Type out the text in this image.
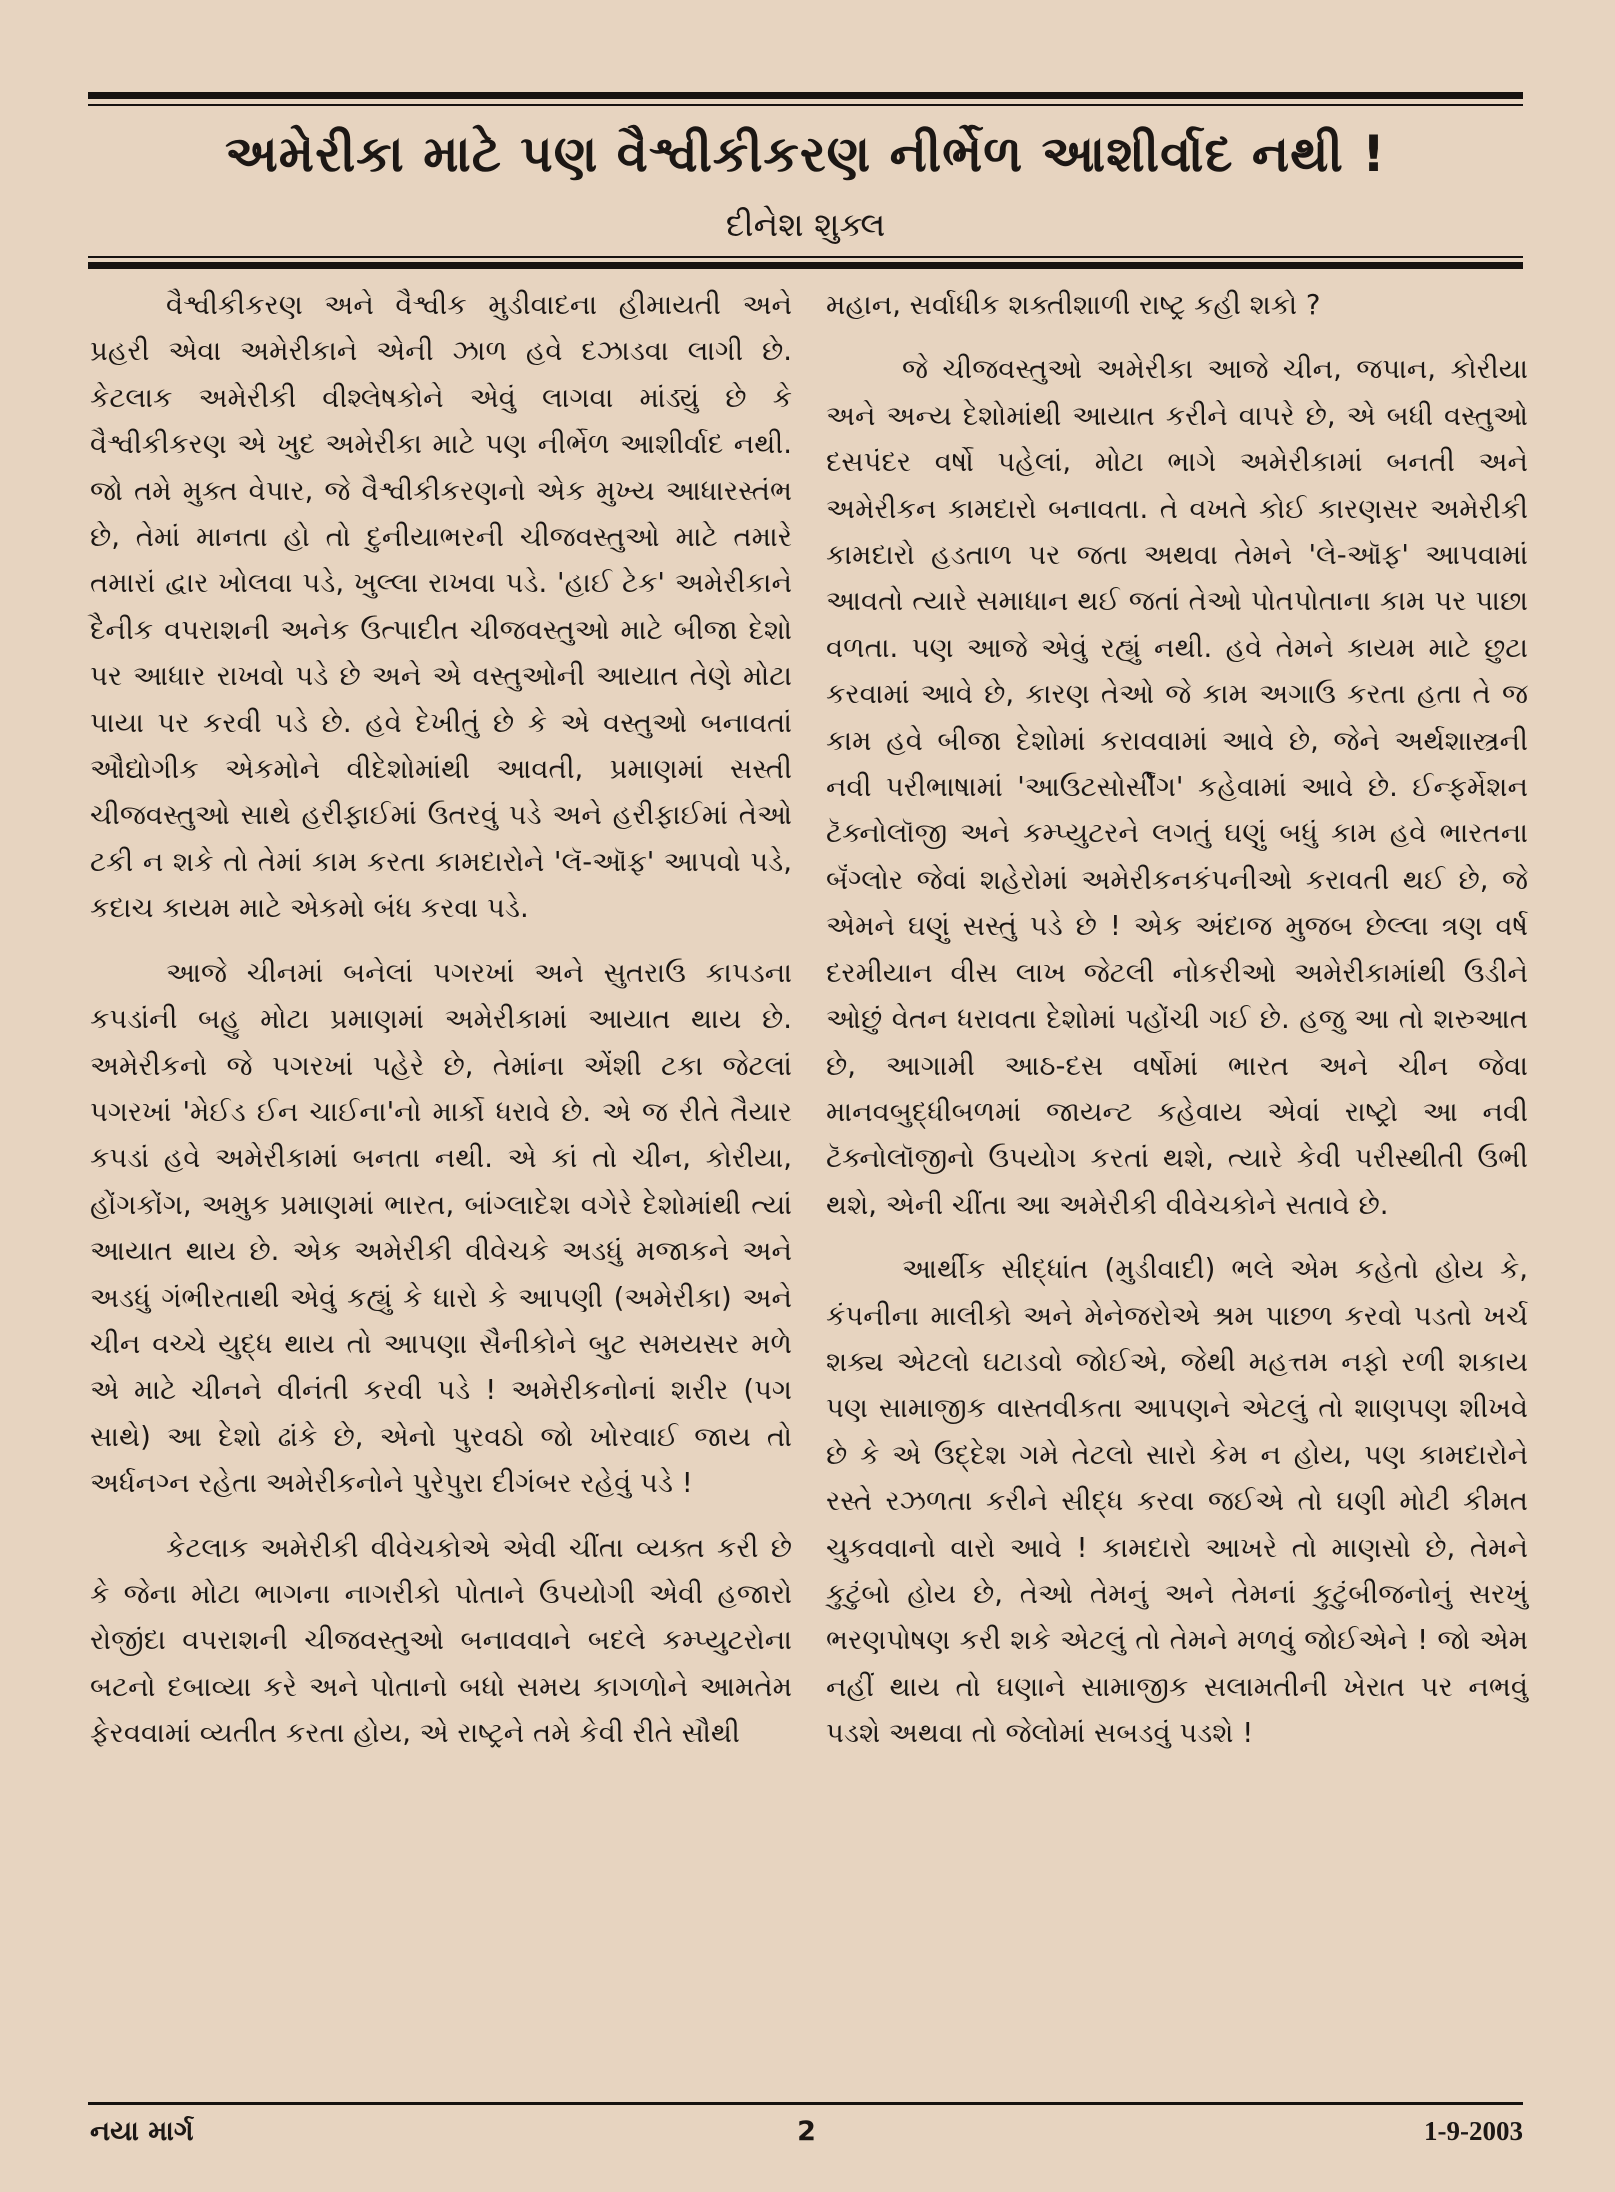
અમેરીકા માટે પણ વૈશ્વીકીકરણ નીર્ભેળ આશીર્વાદ નથી !
દીનેશ શુક્લ

વૈશ્વીકીકરણ અને વૈશ્વીક મુડીવાદના હીમાયતી અને પ્રહરી એવા અમેરીકાને એની ઝાળ હવે દઝાડવા લાગી છે. કેટલાક અમેરીકી વીશ્લેષકોને એવું લાગવા માંડ્યું છે કે વૈશ્વીકીકરણ એ ખુદ અમેરીકા માટે પણ નીર્ભેળ આશીર્વાદ નથી. જો તમે મુક્ત વેપાર, જે વૈશ્વીકીકરણનો એક મુખ્ય આધારસ્તંભ છે, તેમાં માનતા હો તો દુનીયાભરની ચીજવસ્તુઓ માટે તમારે તમારાં દ્વાર ખોલવા પડે, ખુલ્લા રાખવા પડે. 'હાઈ ટેક' અમેરીકાને દૈનીક વપરાશની અનેક ઉત્પાદીત ચીજવસ્તુઓ માટે બીજા દેશો પર આધાર રાખવો પડે છે અને એ વસ્તુઓની આયાત તેણે મોટા પાયા પર કરવી પડે છે. હવે દેખીતું છે કે એ વસ્તુઓ બનાવતાં ઔદ્યોગીક એકમોને વીદેશોમાંથી આવતી, પ્રમાણમાં સસ્તી ચીજવસ્તુઓ સાથે હરીફાઈમાં ઉતરવું પડે અને હરીફાઈમાં તેઓ ટકી ન શકે તો તેમાં કામ કરતા કામદારોને 'લૅ-ઑફ' આપવો પડે, કદાચ કાયમ માટે એકમો બંધ કરવા પડે.

આજે ચીનમાં બનેલાં પગરખાં અને સુતરાઉ કાપડના કપડાંની બહુ મોટા પ્રમાણમાં અમેરીકામાં આયાત થાય છે. અમેરીકનો જે પગરખાં પહેરે છે, તેમાંના એંશી ટકા જેટલાં પગરખાં 'મેઈડ ઈન ચાઈના'નો માર્કો ધરાવે છે. એ જ રીતે તૈયાર કપડાં હવે અમેરીકામાં બનતા નથી. એ કાં તો ચીન, કોરીયા, હોંગકોંગ, અમુક પ્રમાણમાં ભારત, બાંગ્લાદેશ વગેરે દેશોમાંથી ત્યાં આયાત થાય છે. એક અમેરીકી વીવેચકે અડધું મજાકને અને અડધું ગંભીરતાથી એવું કહ્યું કે ધારો કે આપણી (અમેરીકા) અને ચીન વચ્ચે યુદ્ધ થાય તો આપણા સૈનીકોને બુટ સમયસર મળે એ માટે ચીનને વીનંતી કરવી પડે ! અમેરીકનોનાં શરીર (પગ સાથે) આ દેશો ઢાંકે છે, એનો પુરવઠો જો ખોરવાઈ જાય તો અર્ધનગ્ન રહેતા અમેરીકનોને પુરેપુરા દીગંબર રહેવું પડે !

કેટલાક અમેરીકી વીવેચકોએ એવી ચીંતા વ્યક્ત કરી છે કે જેના મોટા ભાગના નાગરીકો પોતાને ઉપયોગી એવી હજારો રોજીંદા વપરાશની ચીજવસ્તુઓ બનાવવાને બદલે કમ્પ્યુટરોના બટનો દબાવ્યા કરે અને પોતાનો બધો સમય કાગળોને આમતેમ ફેરવવામાં વ્યતીત કરતા હોય, એ રાષ્ટ્રને તમે કેવી રીતે સૌથી

મહાન, સર્વાધીક શક્તીશાળી રાષ્ટ્ર કહી શકો ?

જે ચીજવસ્તુઓ અમેરીકા આજે ચીન, જપાન, કોરીયા અને અન્ય દેશોમાંથી આયાત કરીને વાપરે છે, એ બધી વસ્તુઓ દસપંદર વર્ષો પહેલાં, મોટા ભાગે અમેરીકામાં બનતી અને અમેરીકન કામદારો બનાવતા. તે વખતે કોઈ કારણસર અમેરીકી કામદારો હડતાળ પર જતા અથવા તેમને 'લે-ઑફ' આપવામાં આવતો ત્યારે સમાધાન થઈ જતાં તેઓ પોતપોતાના કામ પર પાછા વળતા. પણ આજે એવું રહ્યું નથી. હવે તેમને કાયમ માટે છુટા કરવામાં આવે છે, કારણ તેઓ જે કામ અગાઉ કરતા હતા તે જ કામ હવે બીજા દેશોમાં કરાવવામાં આવે છે, જેને અર્થશાસ્ત્રની નવી પરીભાષામાં 'આઉટસોર્સીંગ' કહેવામાં આવે છે. ઈન્ફર્મેશન ટૅક્નોલૉજી અને કમ્પ્યુટરને લગતું ઘણું બધું કામ હવે ભારતના બૅંગ્લોર જેવાં શહેરોમાં અમેરીકનકંપનીઓ કરાવતી થઈ છે, જે એમને ઘણું સસ્તું પડે છે ! એક અંદાજ મુજબ છેલ્લા ત્રણ વર્ષ દરમીયાન વીસ લાખ જેટલી નોકરીઓ અમેરીકામાંથી ઉડીને ઓછું વેતન ધરાવતા દેશોમાં પહોંચી ગઈ છે. હજુ આ તો શરુઆત છે, આગામી આઠ-દસ વર્ષોમાં ભારત અને ચીન જેવા માનવબુદ્ધીબળમાં જાયન્ટ કહેવાય એવાં રાષ્ટ્રો આ નવી ટૅક્નોલૉજીનો ઉપયોગ કરતાં થશે, ત્યારે કેવી પરીસ્થીતી ઉભી થશે, એની ચીંતા આ અમેરીકી વીવેચકોને સતાવે છે.

આર્થીક સીદ્ધાંત (મુડીવાદી) ભલે એમ કહેતો હોય કે, કંપનીના માલીકો અને મેનેજરોએ શ્રમ પાછળ કરવો પડતો ખર્ચ શક્ય એટલો ઘટાડવો જોઈએ, જેથી મહત્તમ નફો રળી શકાય પણ સામાજીક વાસ્તવીકતા આપણને એટલું તો શાણપણ શીખવે છે કે એ ઉદ્દેશ ગમે તેટલો સારો કેમ ન હોય, પણ કામદારોને રસ્તે રઝળતા કરીને સીદ્ધ કરવા જઈએ તો ઘણી મોટી કીમત ચુકવવાનો વારો આવે ! કામદારો આખરે તો માણસો છે, તેમને કુટુંબો હોય છે, તેઓ તેમનું અને તેમનાં કુટુંબીજનોનું સરખું ભરણપોષણ કરી શકે એટલું તો તેમને મળવું જોઈએને ! જો એમ નહીં થાય તો ઘણાને સામાજીક સલામતીની ખેરાત પર નભવું પડશે અથવા તો જેલોમાં સબડવું પડશે !

નયા માર્ગ	2	1-9-2003
